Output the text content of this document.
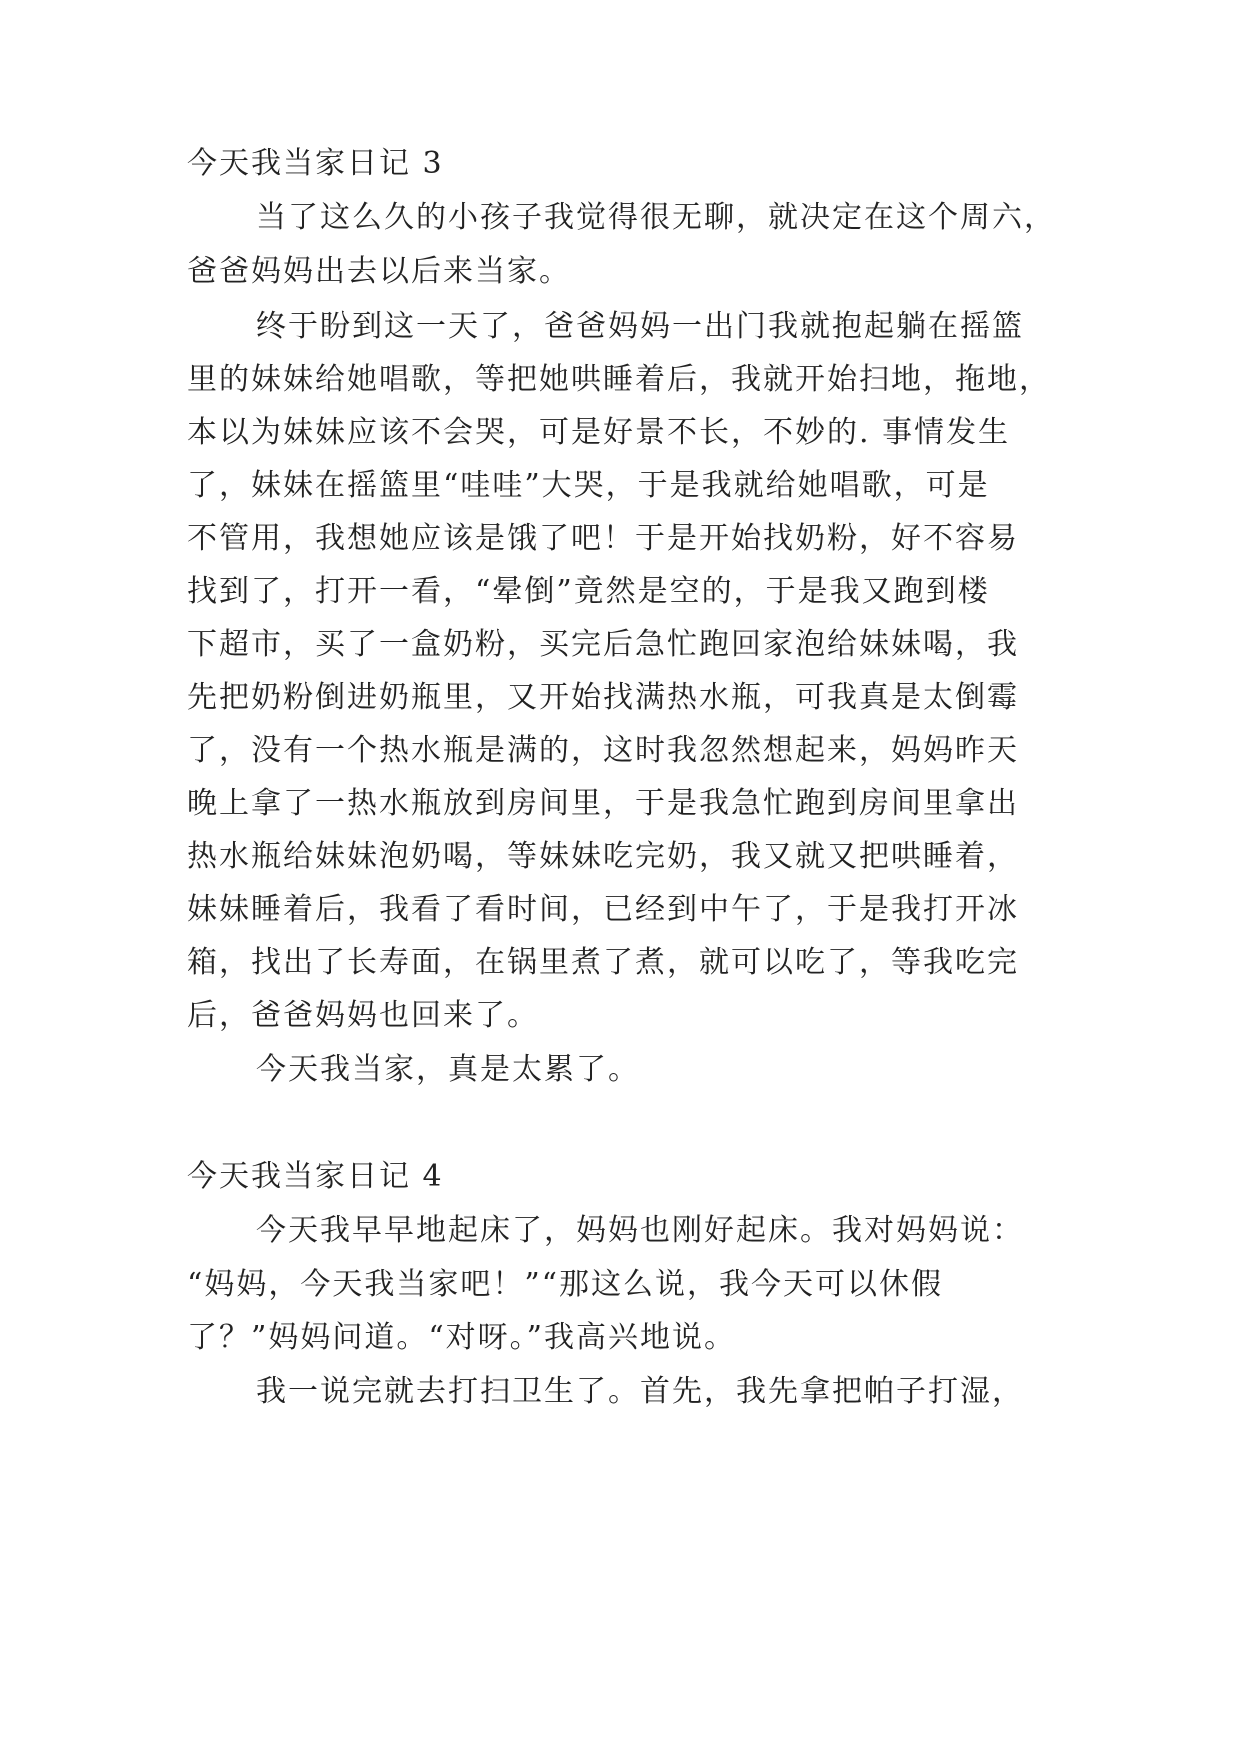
今天我当家日记 3
当了这么久的小孩子我觉得很无聊，就决定在这个周六，
爸爸妈妈出去以后来当家。
终于盼到这一天了，爸爸妈妈一出门我就抱起躺在摇篮
里的妹妹给她唱歌，等把她哄睡着后，我就开始扫地，拖地，
本以为妹妹应该不会哭，可是好景不长，不妙的. 事情发生
了，妹妹在摇篮里“哇哇”大哭，于是我就给她唱歌，可是
不管用，我想她应该是饿了吧！于是开始找奶粉，好不容易
找到了，打开一看，“晕倒”竟然是空的，于是我又跑到楼
下超市，买了一盒奶粉，买完后急忙跑回家泡给妹妹喝，我
先把奶粉倒进奶瓶里，又开始找满热水瓶，可我真是太倒霉
了，没有一个热水瓶是满的，这时我忽然想起来，妈妈昨天
晚上拿了一热水瓶放到房间里，于是我急忙跑到房间里拿出
热水瓶给妹妹泡奶喝，等妹妹吃完奶，我又就又把哄睡着，
妹妹睡着后，我看了看时间，已经到中午了，于是我打开冰
箱，找出了长寿面，在锅里煮了煮，就可以吃了，等我吃完
后，爸爸妈妈也回来了。
今天我当家，真是太累了。
今天我当家日记 4
今天我早早地起床了，妈妈也刚好起床。我对妈妈说：
“妈妈，今天我当家吧！”“那这么说，我今天可以休假
了？”妈妈问道。“对呀。”我高兴地说。
我一说完就去打扫卫生了。首先，我先拿把帕子打湿，
